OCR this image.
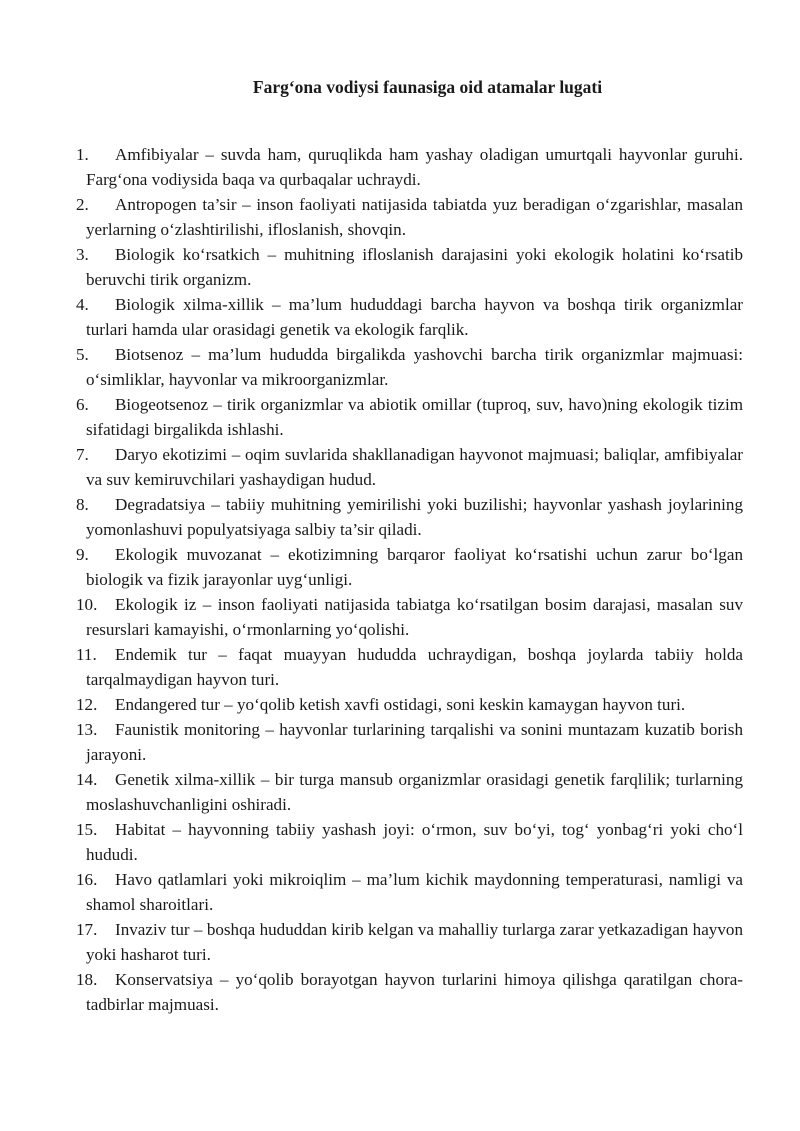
Farg‘ona vodiysi faunasiga oid atamalar lugati
1. Amfibiyalar – suvda ham, quruqlikda ham yashay oladigan umurtqali hayvonlar guruhi. Farg‘ona vodiysida baqa va qurbaqalar uchraydi.
2. Antropogen ta’sir – inson faoliyati natijasida tabiatda yuz beradigan o‘zgarishlar, masalan yerlarning o‘zlashtirilishi, ifloslanish, shovqin.
3. Biologik ko‘rsatkich – muhitning ifloslanish darajasini yoki ekologik holatini ko‘rsatib beruvchi tirik organizm.
4. Biologik xilma-xillik – ma’lum hududdagi barcha hayvon va boshqa tirik organizmlar turlari hamda ular orasidagi genetik va ekologik farqlik.
5. Biotsenoz – ma’lum hududda birgalikda yashovchi barcha tirik organizmlar majmuasi: o‘simliklar, hayvonlar va mikroorganizmlar.
6. Biogeotsenoz – tirik organizmlar va abiotik omillar (tuproq, suv, havo)ning ekologik tizim sifatidagi birgalikda ishlashi.
7. Daryo ekotizimi – oqim suvlarida shakllanadigan hayvonot majmuasi; baliqlar, amfibiyalar va suv kemiruvchilari yashaydigan hudud.
8. Degradatsiya – tabiiy muhitning yemirilishi yoki buzilishi; hayvonlar yashash joylarining yomonlashuvi populyatsiyaga salbiy ta’sir qiladi.
9. Ekologik muvozanat – ekotizimning barqaror faoliyat ko‘rsatishi uchun zarur bo‘lgan biologik va fizik jarayonlar uyg‘unligi.
10. Ekologik iz – inson faoliyati natijasida tabiatga ko‘rsatilgan bosim darajasi, masalan suv resurslari kamayishi, o‘rmonlarning yo‘qolishi.
11. Endemik tur – faqat muayyan hududda uchraydigan, boshqa joylarda tabiiy holda tarqalmaydigan hayvon turi.
12. Endangered tur – yo‘qolib ketish xavfi ostidagi, soni keskin kamaygan hayvon turi.
13. Faunistik monitoring – hayvonlar turlarining tarqalishi va sonini muntazam kuzatib borish jarayoni.
14. Genetik xilma-xillik – bir turga mansub organizmlar orasidagi genetik farqlilik; turlarning moslashuvchanligini oshiradi.
15. Habitat – hayvonning tabiiy yashash joyi: o‘rmon, suv bo‘yi, tog‘ yonbag‘ri yoki cho‘l hududi.
16. Havo qatlamlari yoki mikroiqlim – ma’lum kichik maydonning temperaturasi, namligi va shamol sharoitlari.
17. Invaziv tur – boshqa hududdan kirib kelgan va mahalliy turlarga zarar yetkazadigan hayvon yoki hasharot turi.
18. Konservatsiya – yo‘qolib borayotgan hayvon turlarini himoya qilishga qaratilgan chora-tadbirlar majmuasi.
